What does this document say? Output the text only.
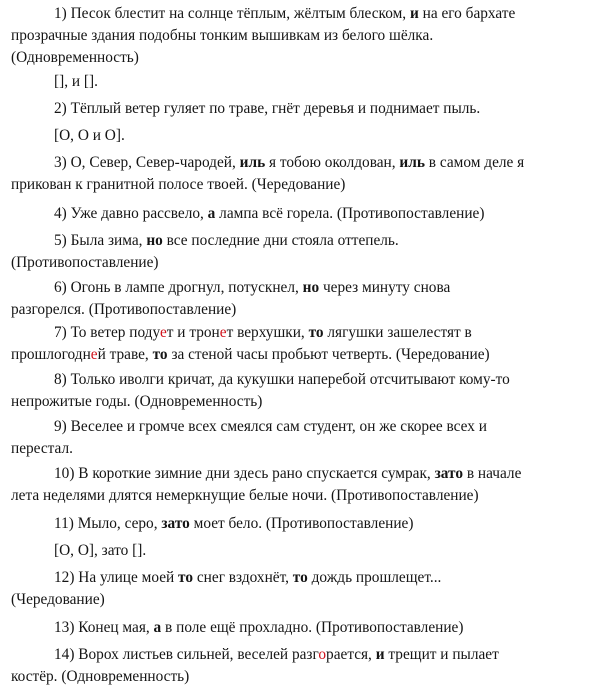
1) Песок блестит на солнце тёплым, жёлтым блеском, и на его бархате
прозрачные здания подобны тонким вышивкам из белого шёлка.
(Одновременность)
[], и [].
2) Тёплый ветер гуляет по траве, гнёт деревья и поднимает пыль.
[О, О и О].
3) О, Север, Север-чародей, иль я тобою околдован, иль в самом деле я
прикован к гранитной полосе твоей. (Чередование)
4) Уже давно рассвело, а лампа всё горела. (Противопоставление)
5) Была зима, но все последние дни стояла оттепель.
(Противопоставление)
6) Огонь в лампе дрогнул, потускнел, но через минуту снова
разгорелся. (Противопоставление)
7) То ветер подует и тронет верхушки, то лягушки зашелестят в
прошлогодней траве, то за стеной часы пробьют четверть. (Чередование)
8) Только иволги кричат, да кукушки наперебой отсчитывают кому-то
непрожитые годы. (Одновременность)
9) Веселее и громче всех смеялся сам студент, он же скорее всех и
перестал.
10) В короткие зимние дни здесь рано спускается сумрак, зато в начале
лета неделями длятся немеркнущие белые ночи. (Противопоставление)
11) Мыло, серо, зато моет бело. (Противопоставление)
[О, О], зато [].
12) На улице моей то снег вздохнёт, то дождь прошлещет...
(Чередование)
13) Конец мая, а в поле ещё прохладно. (Противопоставление)
14) Ворох листьев сильней, веселей разгорается, и трещит и пылает
костёр. (Одновременность)
